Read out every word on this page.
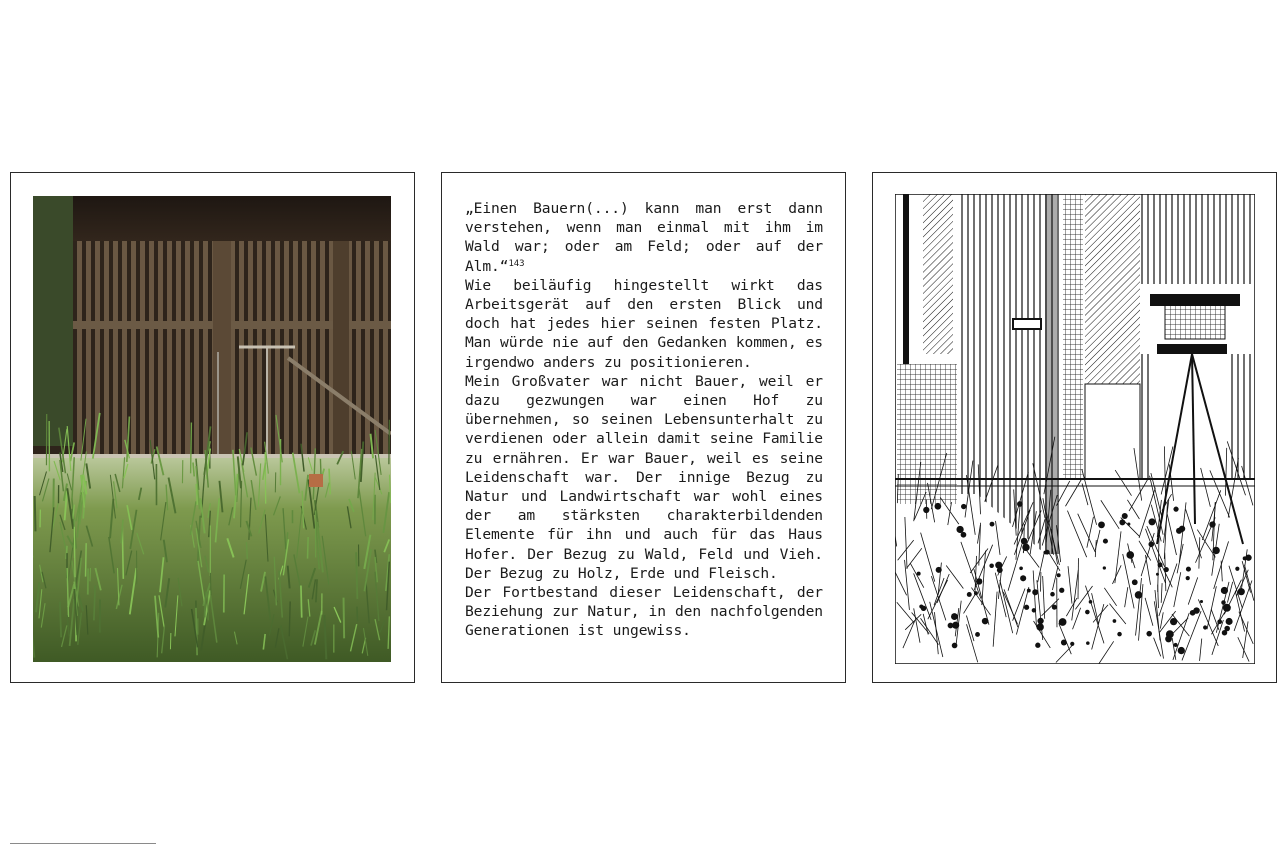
„Einen Bauern(...) kann man erst dann verstehen, wenn man einmal mit ihm im Wald war; oder am Feld; oder auf der Alm.“$^{143}$

Wie beiläufig hingestellt wirkt das Arbeitsgerät auf den ersten Blick und doch hat jedes hier seinen festen Platz. Man würde nie auf den Gedanken kommen, es irgendwo anders zu positionieren.

Mein Großvater war nicht Bauer, weil er dazu gezwungen war einen Hof zu übernehmen, so seinen Lebensunterhalt zu verdienen oder allein damit seine Familie zu ernähren. Er war Bauer, weil es seine Leidenschaft war. Der innige Bezug zu Natur und Landwirtschaft war wohl eines der am stärksten charakterbildenden Elemente für ihn und auch für das Haus Hofer. Der Bezug zu Wald, Feld und Vieh. Der Bezug zu Holz, Erde und Fleisch.

Der Fortbestand dieser Leidenschaft, der Beziehung zur Natur, in den nachfolgenden Generationen ist ungewiss.
